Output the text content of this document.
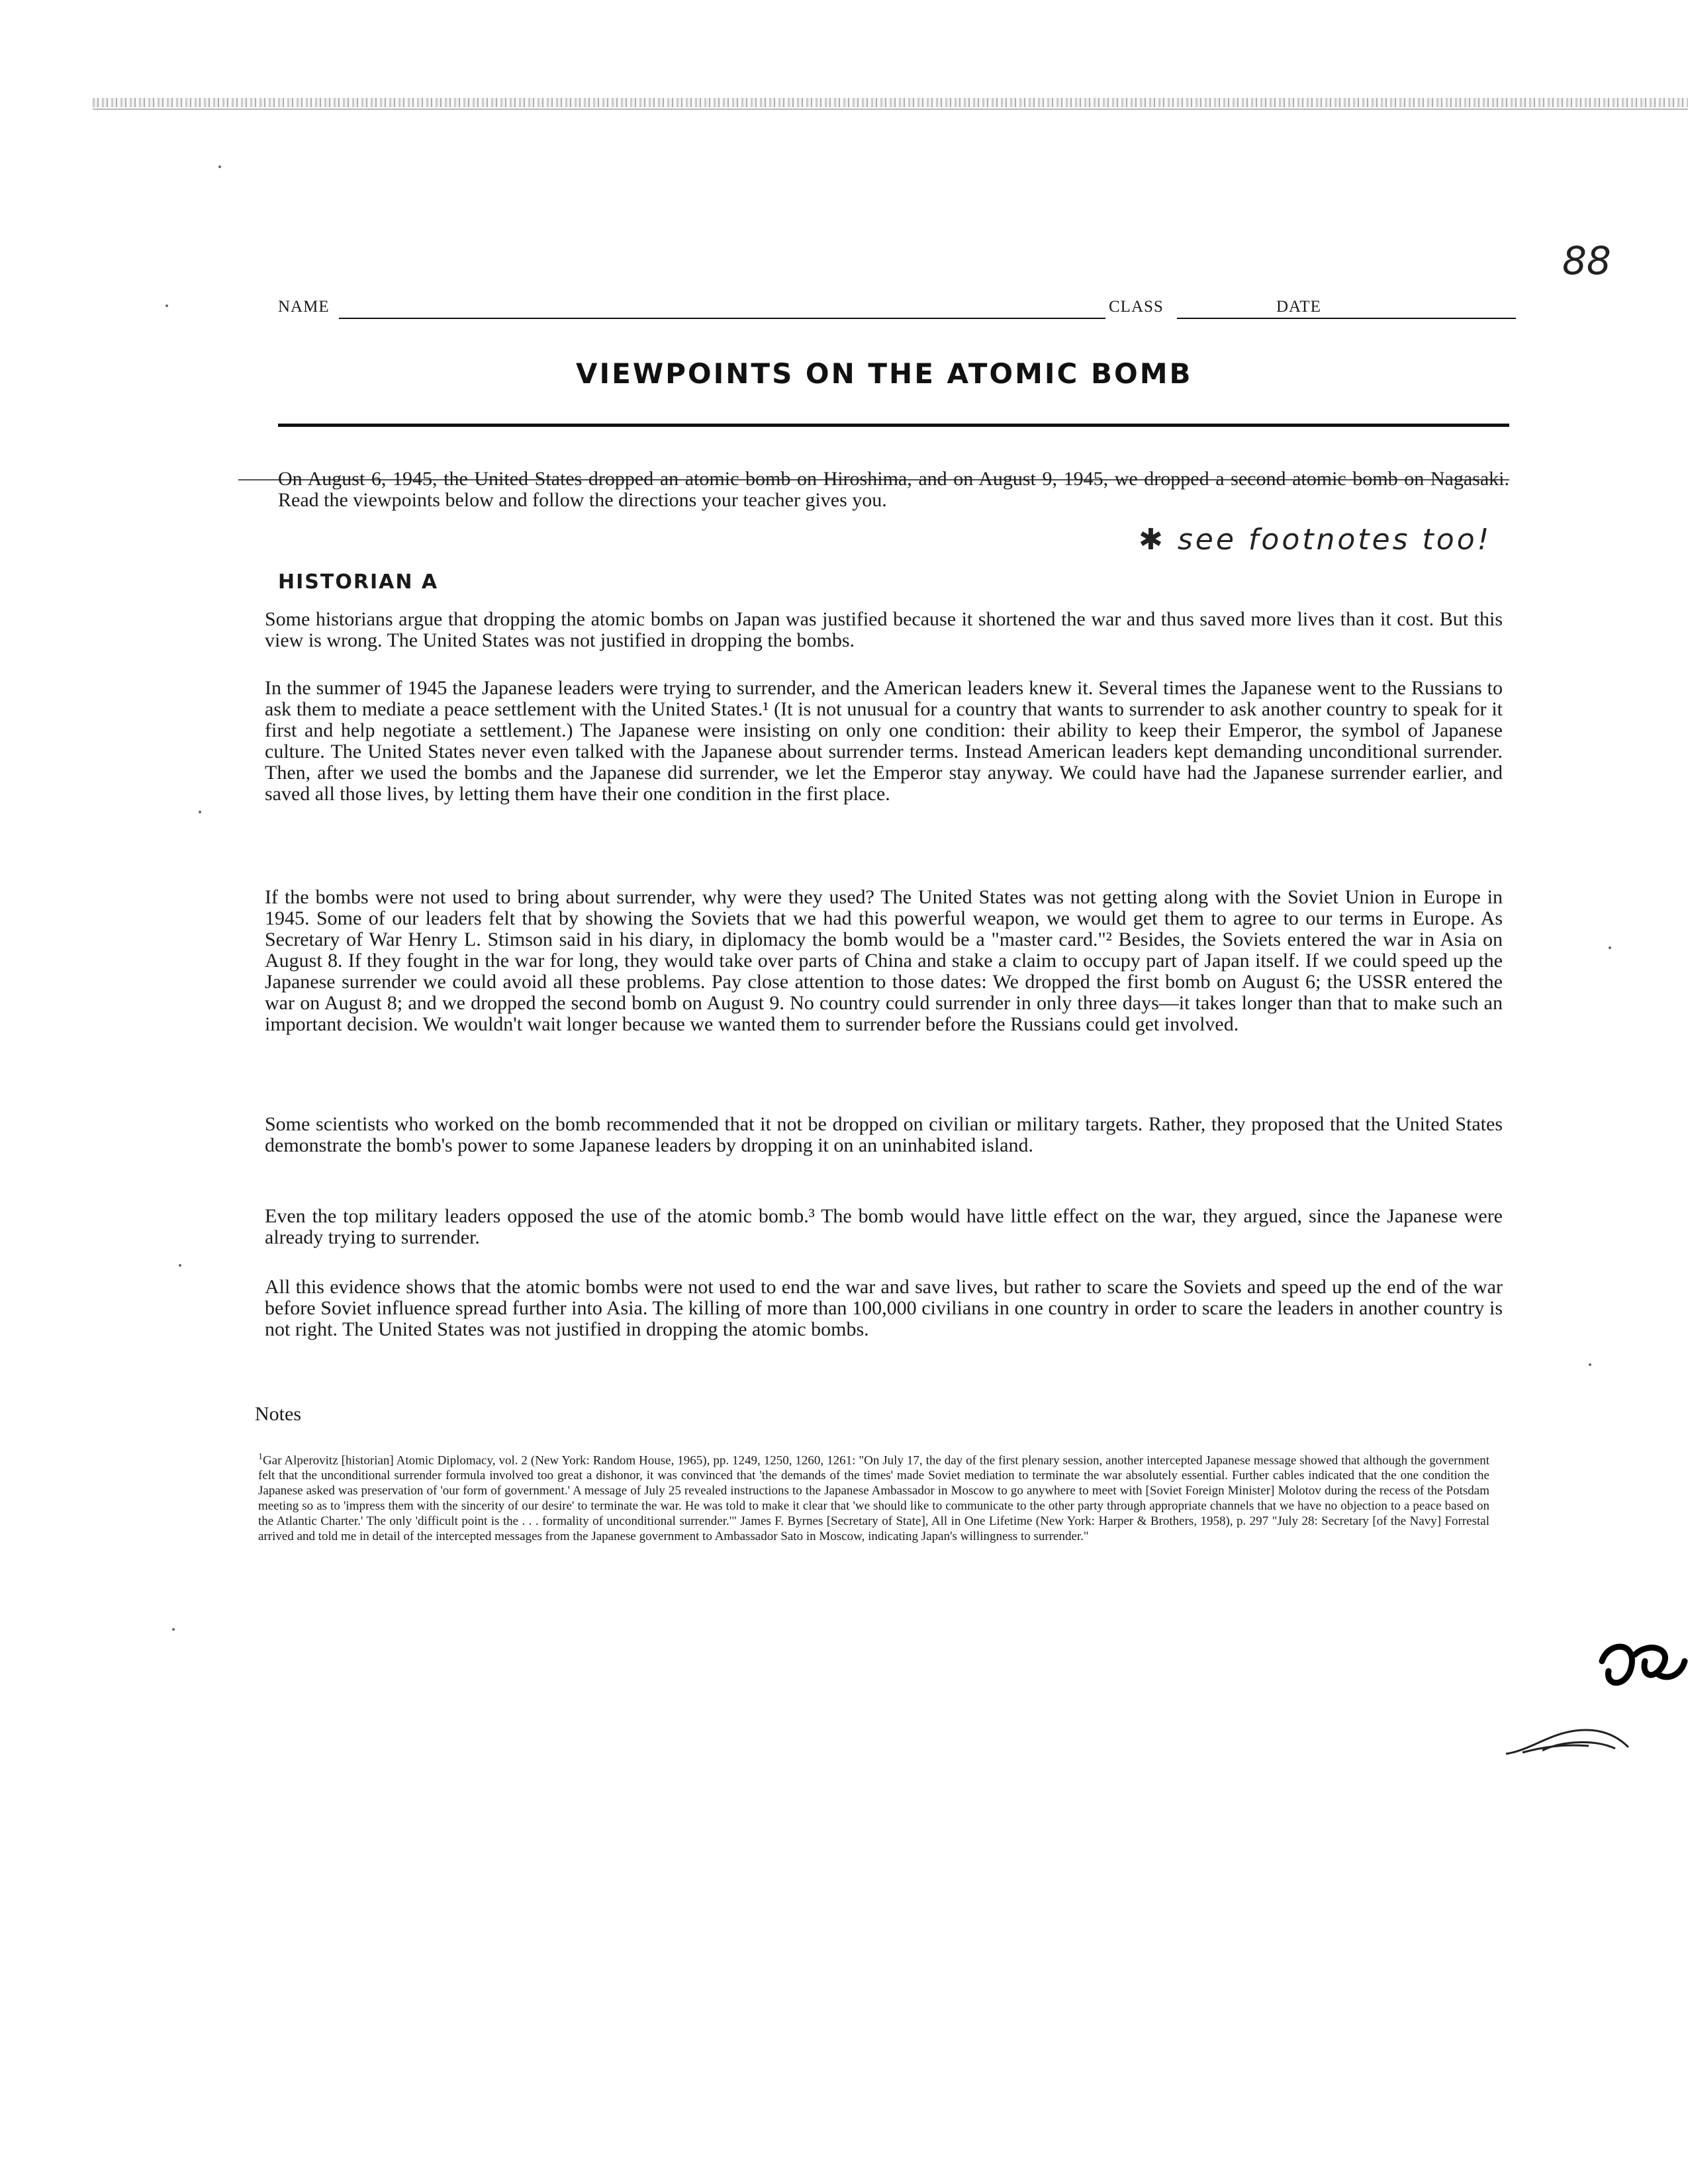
88
NAME	CLASS	DATE
VIEWPOINTS ON THE ATOMIC BOMB

On August 6, 1945, the United States dropped an atomic bomb on Hiroshima, and on August 9, 1945, we dropped a second atomic bomb on Nagasaki. Read the viewpoints below and follow the directions your teacher gives you.

✱ see footnotes too!
HISTORIAN A

Some historians argue that dropping the atomic bombs on Japan was justified because it shortened the war and thus saved more lives than it cost. But this view is wrong. The United States was not justified in dropping the bombs.

In the summer of 1945 the Japanese leaders were trying to surrender, and the American leaders knew it. Several times the Japanese went to the Russians to ask them to mediate a peace settlement with the United States.¹ (It is not unusual for a country that wants to surrender to ask another country to speak for it first and help negotiate a settlement.) The Japanese were insisting on only one condition: their ability to keep their Emperor, the symbol of Japanese culture. The United States never even talked with the Japanese about surrender terms. Instead American leaders kept demanding unconditional surrender. Then, after we used the bombs and the Japanese did surrender, we let the Emperor stay anyway. We could have had the Japanese surrender earlier, and saved all those lives, by letting them have their one condition in the first place.

If the bombs were not used to bring about surrender, why were they used? The United States was not getting along with the Soviet Union in Europe in 1945. Some of our leaders felt that by showing the Soviets that we had this powerful weapon, we would get them to agree to our terms in Europe. As Secretary of War Henry L. Stimson said in his diary, in diplomacy the bomb would be a "master card."² Besides, the Soviets entered the war in Asia on August 8. If they fought in the war for long, they would take over parts of China and stake a claim to occupy part of Japan itself. If we could speed up the Japanese surrender we could avoid all these problems. Pay close attention to those dates: We dropped the first bomb on August 6; the USSR entered the war on August 8; and we dropped the second bomb on August 9. No country could surrender in only three days—it takes longer than that to make such an important decision. We wouldn't wait longer because we wanted them to surrender before the Russians could get involved.

Some scientists who worked on the bomb recommended that it not be dropped on civilian or military targets. Rather, they proposed that the United States demonstrate the bomb's power to some Japanese leaders by dropping it on an uninhabited island.

Even the top military leaders opposed the use of the atomic bomb.³ The bomb would have little effect on the war, they argued, since the Japanese were already trying to surrender.

All this evidence shows that the atomic bombs were not used to end the war and save lives, but rather to scare the Soviets and speed up the end of the war before Soviet influence spread further into Asia. The killing of more than 100,000 civilians in one country in order to scare the leaders in another country is not right. The United States was not justified in dropping the atomic bombs.

Notes
$^1$Gar Alperovitz [historian] Atomic Diplomacy, vol. 2 (New York: Random House, 1965), pp. 1249, 1250, 1260, 1261: "On July 17, the day of the first plenary session, another intercepted Japanese message showed that although the government felt that the unconditional surrender formula involved too great a dishonor, it was convinced that 'the demands of the times' made Soviet mediation to terminate the war absolutely essential. Further cables indicated that the one condition the Japanese asked was preservation of 'our form of government.' A message of July 25 revealed instructions to the Japanese Ambassador in Moscow to go anywhere to meet with [Soviet Foreign Minister] Molotov during the recess of the Potsdam meeting so as to 'impress them with the sincerity of our desire' to terminate the war. He was told to make it clear that 'we should like to communicate to the other party through appropriate channels that we have no objection to a peace based on the Atlantic Charter.' The only 'difficult point is the . . . formality of unconditional surrender.'" James F. Byrnes [Secretary of State], All in One Lifetime (New York: Harper & Brothers, 1958), p. 297 "July 28: Secretary [of the Navy] Forrestal arrived and told me in detail of the intercepted messages from the Japanese government to Ambassador Sato in Moscow, indicating Japan's willingness to surrender."
